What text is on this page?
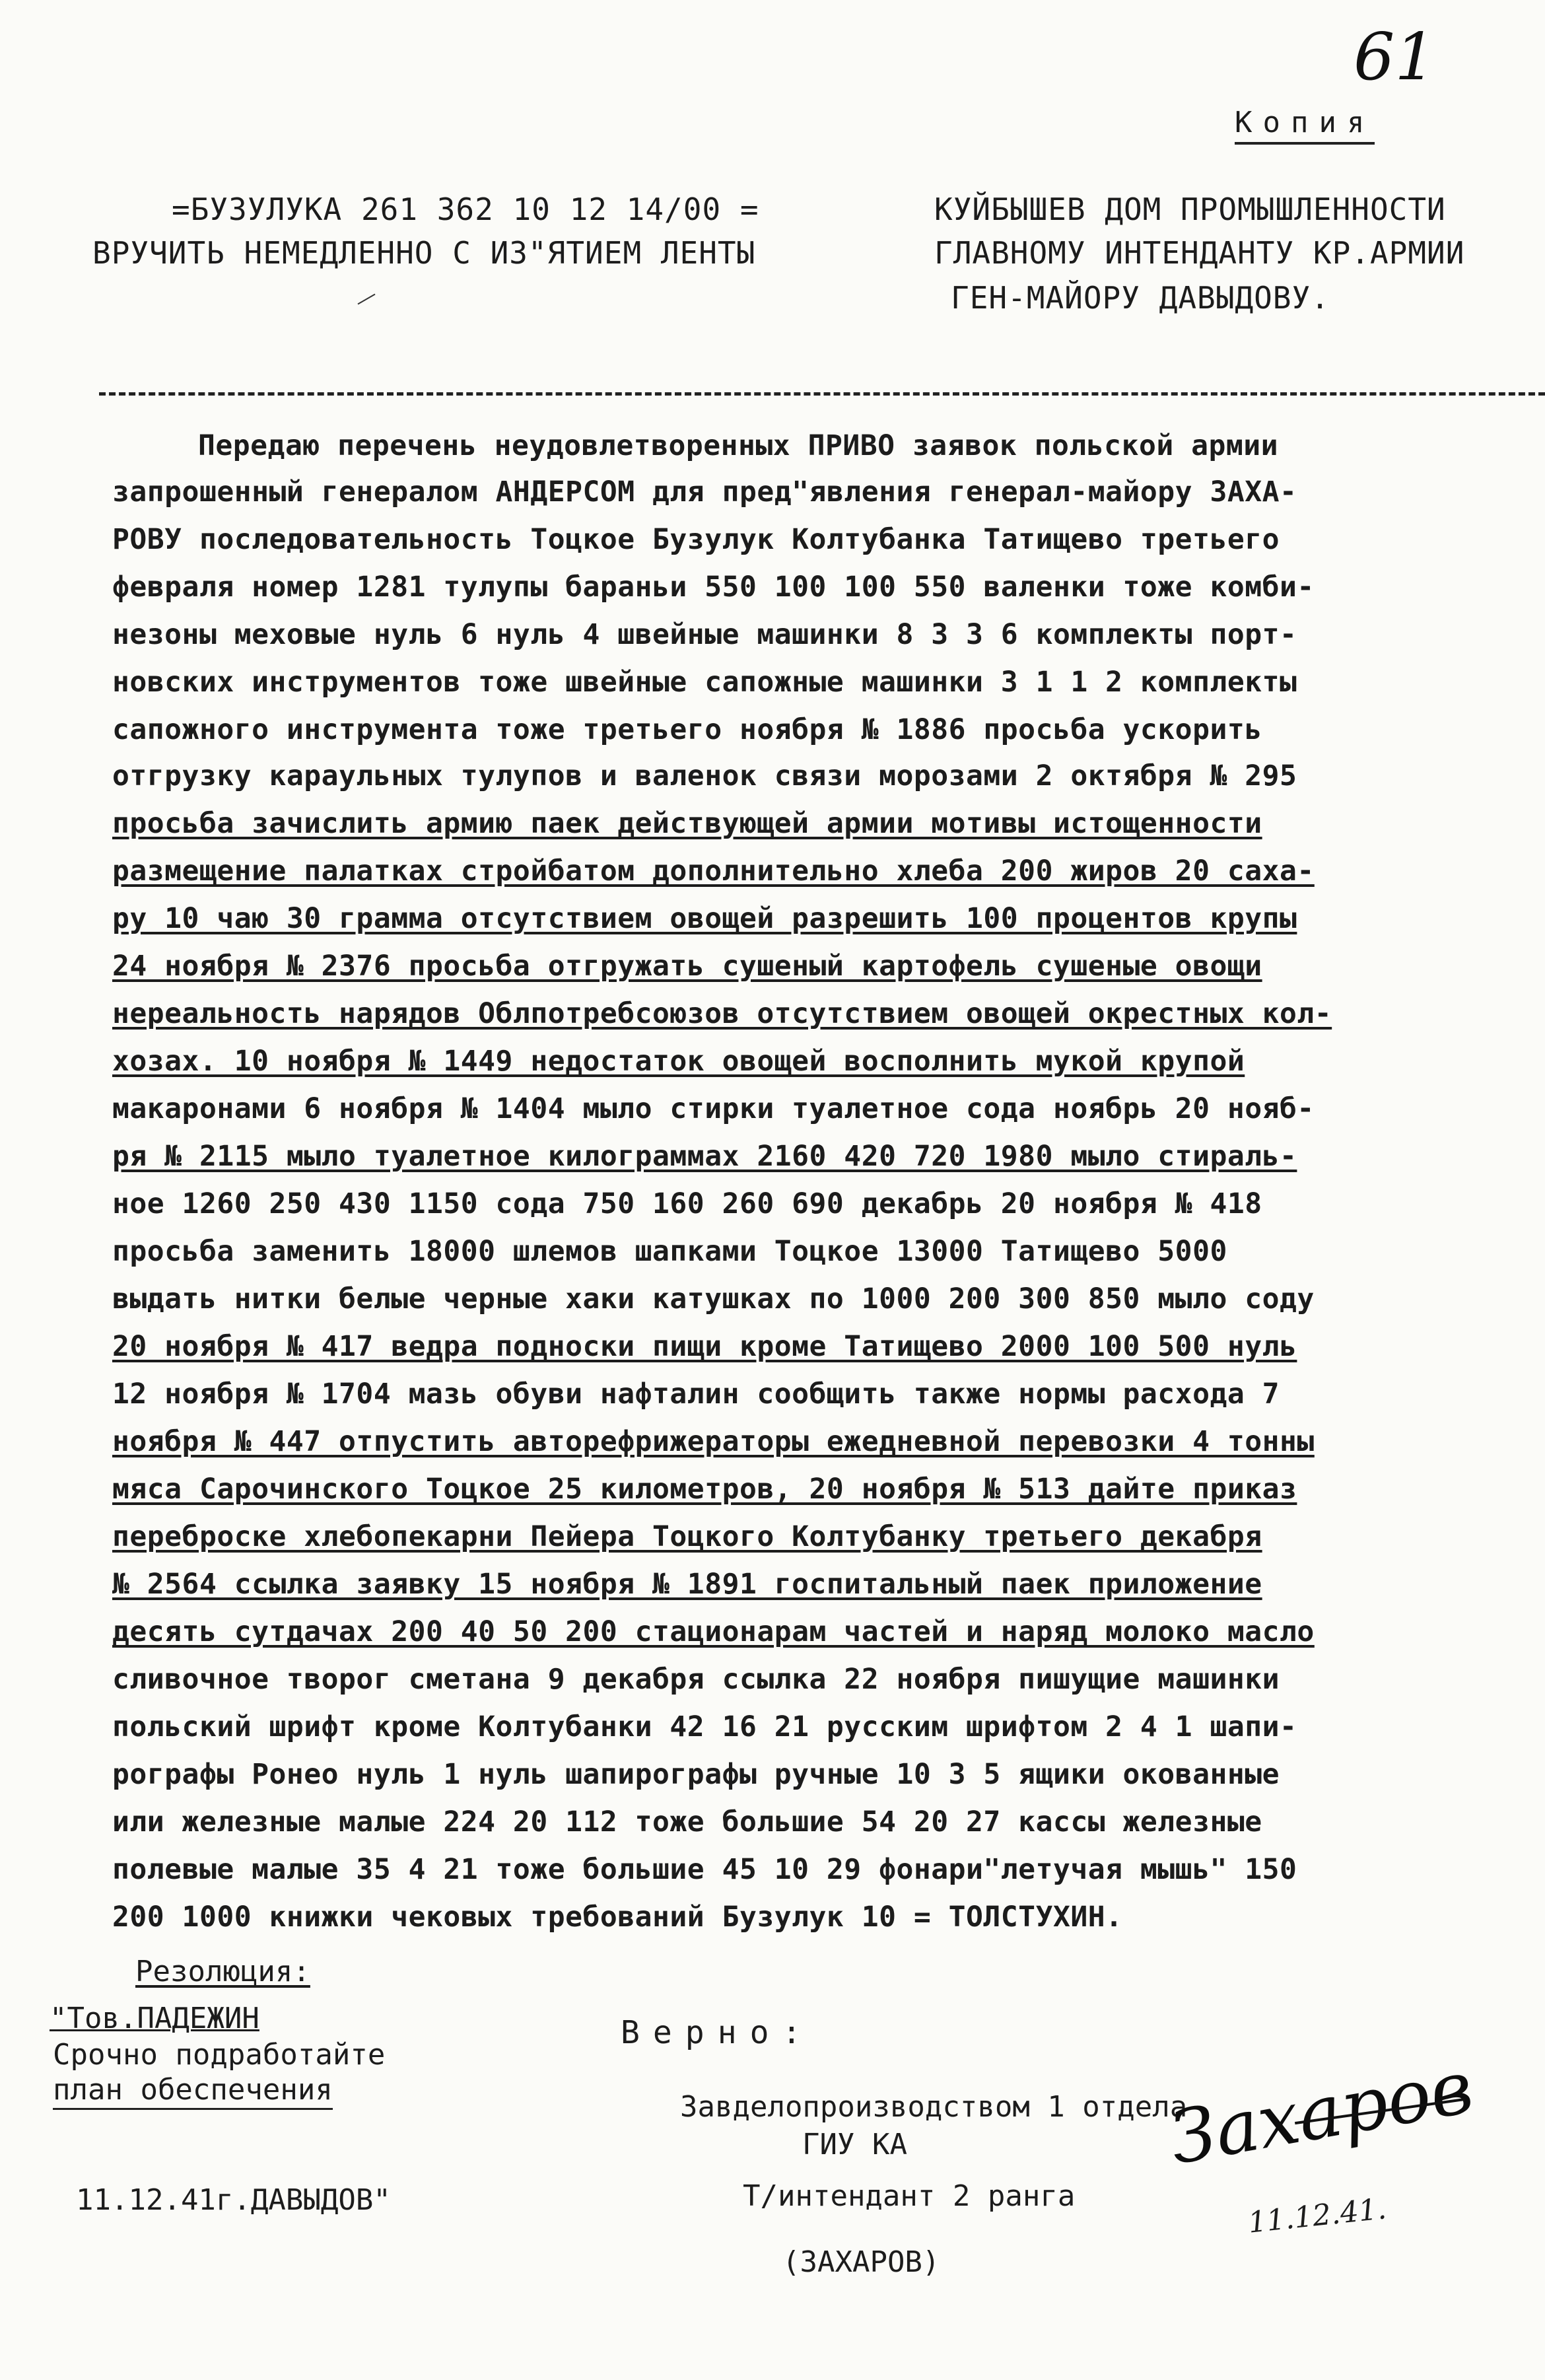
61
Копия
=БУЗУЛУКА 261 362 10 12 14/00 =
ВРУЧИТЬ НЕМЕДЛЕННО С ИЗ"ЯТИЕМ ЛЕНТЫ
КУЙБЫШЕВ ДОМ ПРОМЫШЛЕННОСТИ
ГЛАВНОМУ ИНТЕНДАНТУ КР.АРМИИ
ГЕН-МАЙОРУ ДАВЫДОВУ.
Передаю перечень неудовлетворенных ПРИВО заявок польской армии
запрошенный генералом АНДЕРСОМ для пред"явления генерал-майору ЗАХА-
РОВУ последовательность Тоцкое Бузулук Колтубанка Татищево третьего
февраля номер 1281 тулупы бараньи 550 100 100 550 валенки тоже комби-
незоны меховые нуль 6 нуль 4 швейные машинки 8 3 3 6 комплекты порт-
новских инструментов тоже швейные сапожные машинки 3 1 1 2 комплекты
сапожного инструмента тоже третьего ноября № 1886 просьба ускорить
отгрузку караульных тулупов и валенок связи морозами 2 октября № 295
просьба зачислить армию паек действующей армии мотивы истощенности
размещение палатках стройбатом дополнительно хлеба 200 жиров 20 саха-
ру 10 чаю 30 грамма отсутствием овощей разрешить 100 процентов крупы
24 ноября № 2376 просьба отгружать сушеный картофель сушеные овощи
нереальность нарядов Облпотребсоюзов отсутствием овощей окрестных кол-
хозах. 10 ноября № 1449 недостаток овощей восполнить мукой крупой
макаронами 6 ноября № 1404 мыло стирки туалетное сода ноябрь 20 нояб-
ря № 2115 мыло туалетное килограммах 2160 420 720 1980 мыло стираль-
ное 1260 250 430 1150 сода 750 160 260 690 декабрь 20 ноября № 418
просьба заменить 18000 шлемов шапками Тоцкое 13000 Татищево 5000
выдать нитки белые черные хаки катушках по 1000 200 300 850 мыло соду
20 ноября № 417 ведра подноски пищи кроме Татищево 2000 100 500 нуль
12 ноября № 1704 мазь обуви нафталин сообщить также нормы расхода 7
ноября № 447 отпустить авторефрижераторы ежедневной перевозки 4 тонны
мяса Сарочинского Тоцкое 25 километров, 20 ноября № 513 дайте приказ
переброске хлебопекарни Пейера Тоцкого Колтубанку третьего декабря
№ 2564 ссылка заявку 15 ноября № 1891 госпитальный паек приложение
десять сутдачах 200 40 50 200 стационарам частей и наряд молоко масло
сливочное творог сметана 9 декабря ссылка 22 ноября пишущие машинки
польский шрифт кроме Колтубанки 42 16 21 русским шрифтом 2 4 1 шапи-
рографы Ронео нуль 1 нуль шапирографы ручные 10 3 5 ящики окованные
или железные малые 224 20 112 тоже большие 54 20 27 кассы железные
полевые малые 35 4 21 тоже большие 45 10 29 фонари"летучая мышь" 150
200 1000 книжки чековых требований Бузулук 10 = ТОЛСТУХИН.
Резолюция:
"Тов.ПАДЕЖИН
Срочно подработайте
план обеспечения
11.12.41г.ДАВЫДОВ"
Верно:
Завделопроизводством 1 отдела
ГИУ КА
Т/интендант 2 ранга
(ЗАХАРОВ)
Захаров
11.12.41.
